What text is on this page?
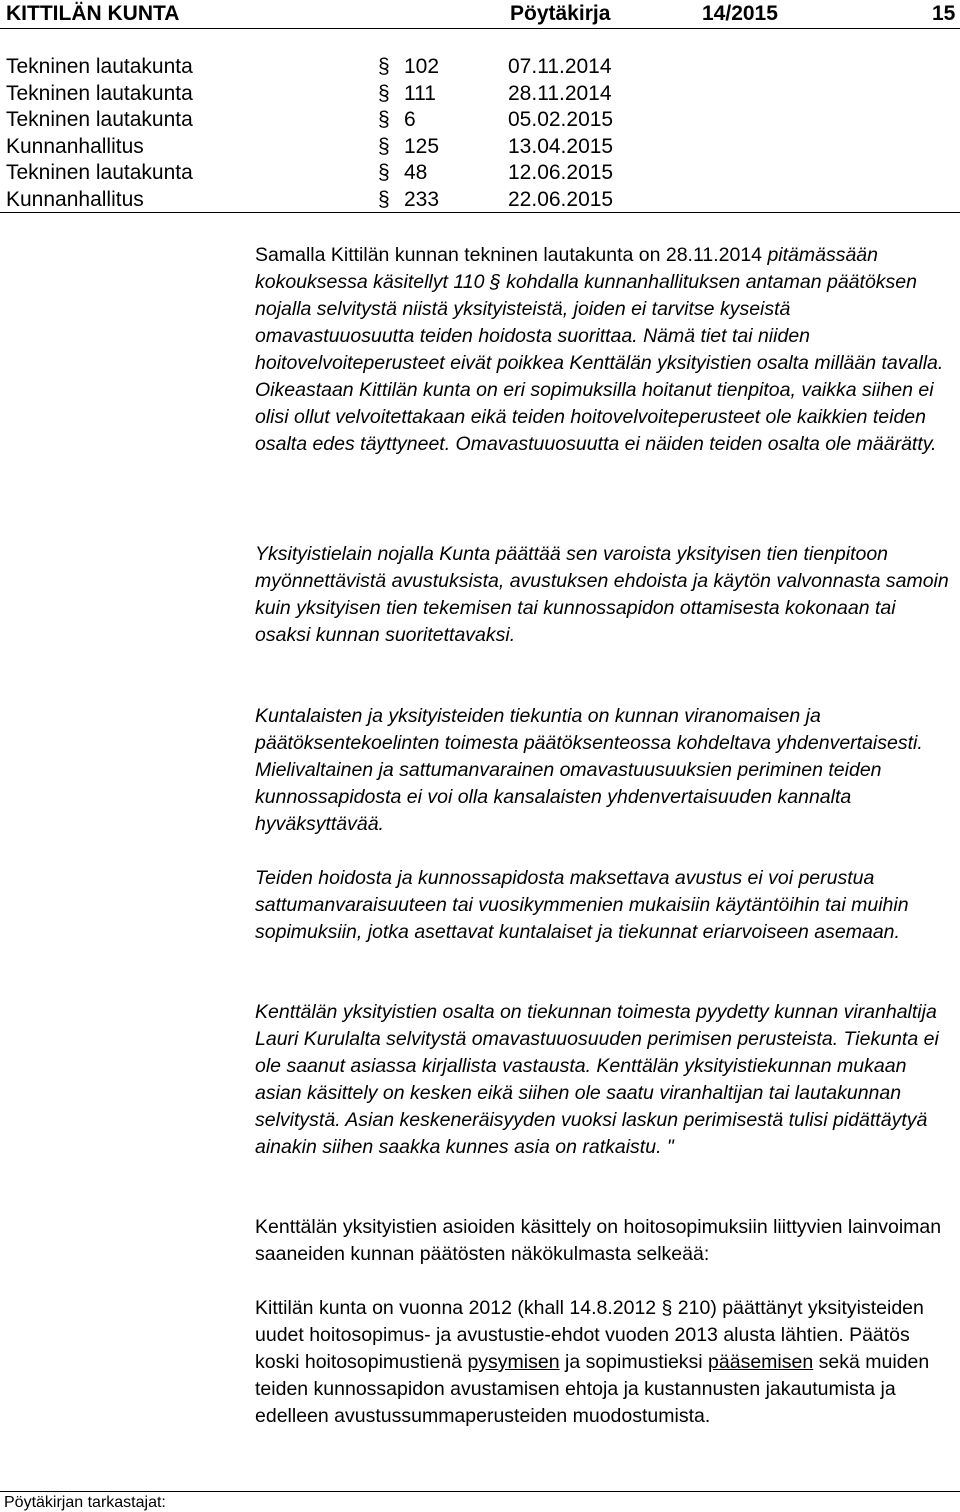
KITTILÄN KUNTA	Pöytäkirja	14/2015	15
Tekninen lautakunta	§ 102	07.11.2014
Tekninen lautakunta	§ 111	28.11.2014
Tekninen lautakunta	§ 6	05.02.2015
Kunnanhallitus	§ 125	13.04.2015
Tekninen lautakunta	§ 48	12.06.2015
Kunnanhallitus	§ 233	22.06.2015

Samalla Kittilän kunnan tekninen lautakunta on 28.11.2014 pitämässään kokouksessa käsitellyt 110 § kohdalla kunnanhallituksen antaman päätöksen nojalla selvitystä niistä yksityisteistä, joiden ei tarvitse kyseistä omavastuuosuutta teiden hoidosta suorittaa. Nämä tiet tai niiden hoitovelvoiteperusteet eivät poikkea Kenttälän yksityistien osalta millään tavalla. Oikeastaan Kittilän kunta on eri sopimuksilla hoitanut tienpitoa, vaikka siihen ei olisi ollut velvoitettakaan eikä teiden hoitovelvoiteperusteet ole kaikkien teiden osalta edes täyttyneet. Omavastuuosuutta ei näiden teiden osalta ole määrätty.

Yksityistielain nojalla Kunta päättää sen varoista yksityisen tien tienpitoon myönnettävistä avustuksista, avustuksen ehdoista ja käytön valvonnasta samoin kuin yksityisen tien tekemisen tai kunnossapidon ottamisesta kokonaan tai osaksi kunnan suoritettavaksi.

Kuntalaisten ja yksityisteiden tiekuntia on kunnan viranomaisen ja päätöksentekoelinten toimesta päätöksenteossa kohdeltava yhdenvertaisesti. Mielivaltainen ja sattumanvarainen omavastuusuuksien periminen teiden kunnossapidosta ei voi olla kansalaisten yhdenvertaisuuden kannalta hyväksyttävää.

Teiden hoidosta ja kunnossapidosta maksettava avustus ei voi perustua sattumanvaraisuuteen tai vuosikymmenien mukaisiin käytäntöihin tai muihin sopimuksiin, jotka asettavat kuntalaiset ja tiekunnat eriarvoiseen asemaan.

Kenttälän yksityistien osalta on tiekunnan toimesta pyydetty kunnan viranhaltija Lauri Kurulalta selvitystä omavastuuosuuden perimisen perusteista. Tiekunta ei ole saanut asiassa kirjallista vastausta. Kenttälän yksityistiekunnan mukaan asian käsittely on kesken eikä siihen ole saatu viranhaltijan tai lautakunnan selvitystä. Asian keskeneräisyyden vuoksi laskun perimisestä tulisi pidättäytyä ainakin siihen saakka kunnes asia on ratkaistu. "

Kenttälän yksityistien asioiden käsittely on hoitosopimuksiin liittyvien lainvoiman saaneiden kunnan päätösten näkökulmasta selkeää:

Kittilän kunta on vuonna 2012 (khall 14.8.2012 § 210) päättänyt yksityisteiden uudet hoitosopimus- ja avustustie-ehdot vuoden 2013 alusta lähtien. Päätös koski hoitosopimustienä pysymisen ja sopimustieksi pääsemisen sekä muiden teiden kunnossapidon avustamisen ehtoja ja kustannusten jakautumista ja edelleen avustussummaperusteiden muodostumista.

Pöytäkirjan tarkastajat:
